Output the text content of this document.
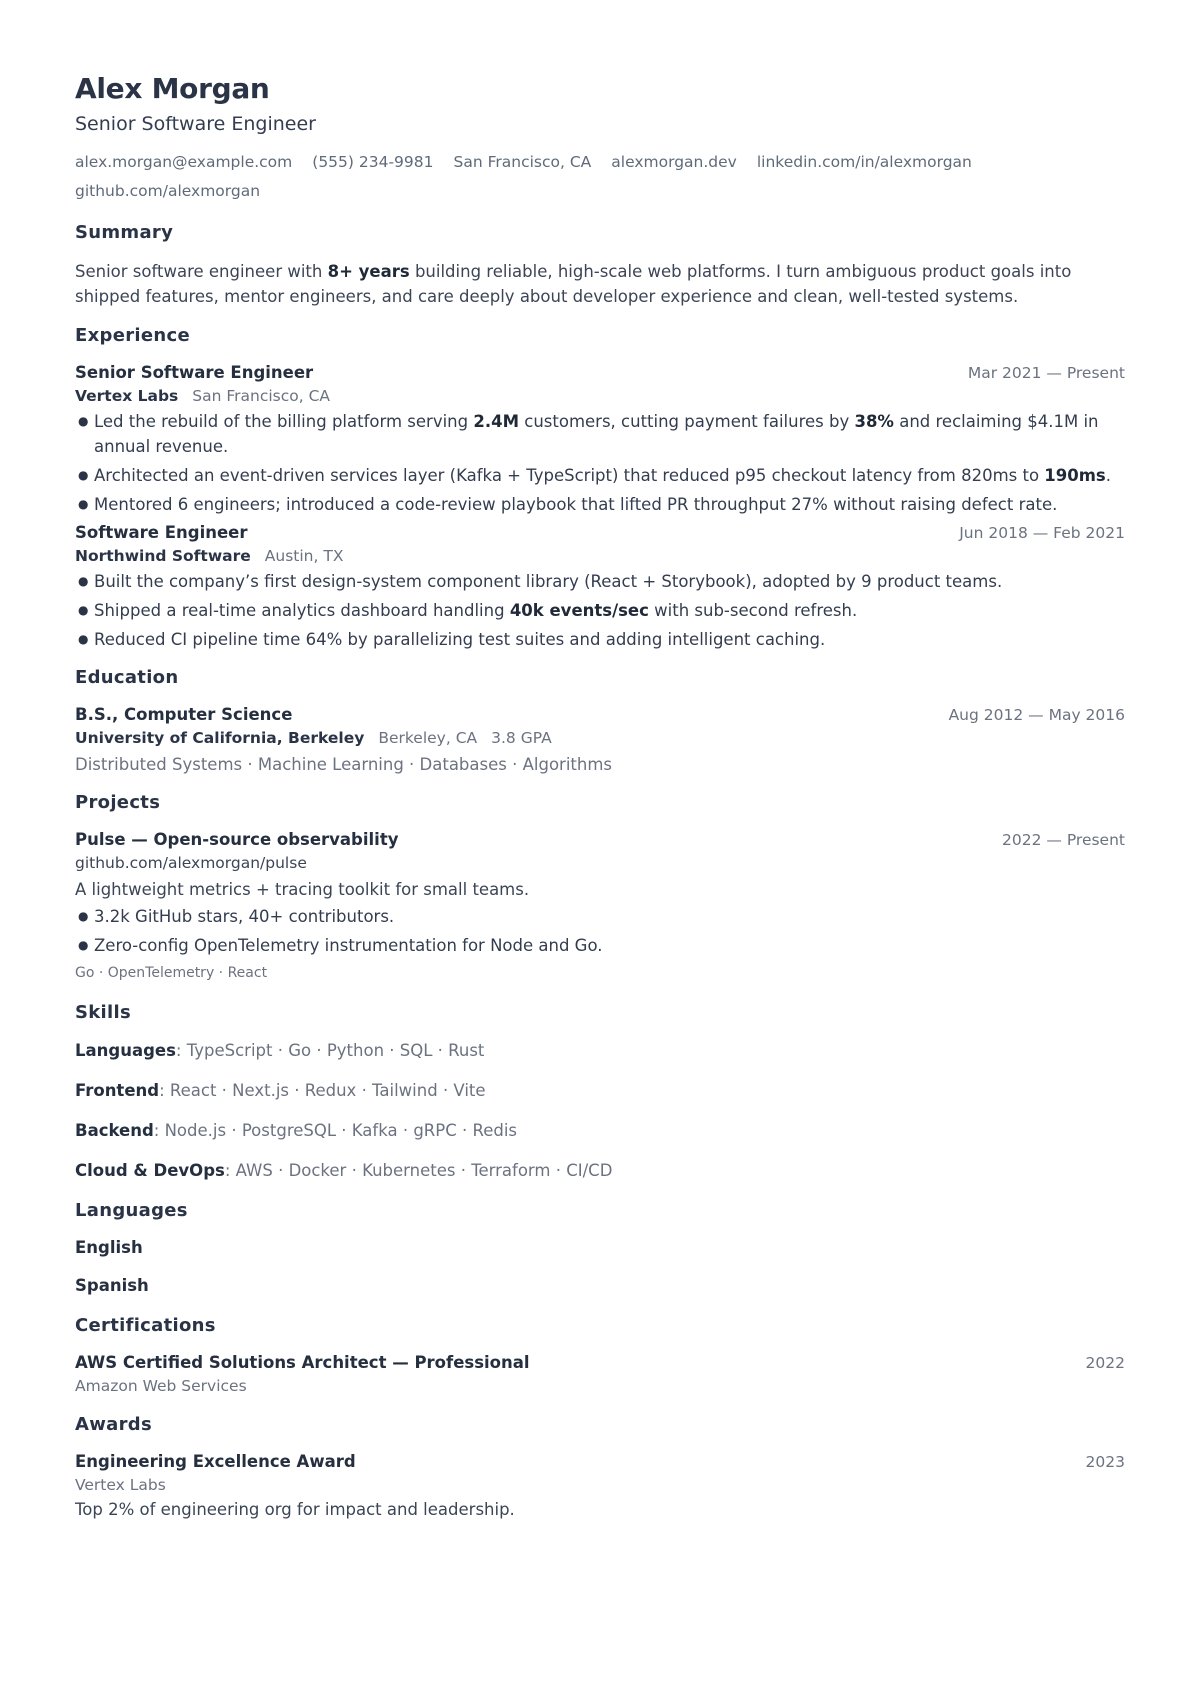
Alex Morgan
Senior Software Engineer
alex.morgan@example.com (555) 234-9981 San Francisco, CA alexmorgan.dev linkedin.com/in/alexmorgan
github.com/alexmorgan
Summary
Senior software engineer with 8+ years building reliable, high-scale web platforms. I turn ambiguous product goals into shipped features, mentor engineers, and care deeply about developer experience and clean, well-tested systems.
Experience
Senior Software Engineer	Mar 2021 — Present
Vertex Labs San Francisco, CA
● Led the rebuild of the billing platform serving 2.4M customers, cutting payment failures by 38% and reclaiming $4.1M in annual revenue.
● Architected an event-driven services layer (Kafka + TypeScript) that reduced p95 checkout latency from 820ms to 190ms.
● Mentored 6 engineers; introduced a code-review playbook that lifted PR throughput 27% without raising defect rate.
Software Engineer	Jun 2018 — Feb 2021
Northwind Software Austin, TX
● Built the company’s first design-system component library (React + Storybook), adopted by 9 product teams.
● Shipped a real-time analytics dashboard handling 40k events/sec with sub-second refresh.
● Reduced CI pipeline time 64% by parallelizing test suites and adding intelligent caching.
Education
B.S., Computer Science	Aug 2012 — May 2016
University of California, Berkeley Berkeley, CA 3.8 GPA
Distributed Systems · Machine Learning · Databases · Algorithms
Projects
Pulse — Open-source observability	2022 — Present
github.com/alexmorgan/pulse
A lightweight metrics + tracing toolkit for small teams.
● 3.2k GitHub stars, 40+ contributors.
● Zero-config OpenTelemetry instrumentation for Node and Go.
Go · OpenTelemetry · React
Skills
Languages: TypeScript · Go · Python · SQL · Rust
Frontend: React · Next.js · Redux · Tailwind · Vite
Backend: Node.js · PostgreSQL · Kafka · gRPC · Redis
Cloud & DevOps: AWS · Docker · Kubernetes · Terraform · CI/CD
Languages
English
Spanish
Certifications
AWS Certified Solutions Architect — Professional	2022
Amazon Web Services
Awards
Engineering Excellence Award	2023
Vertex Labs
Top 2% of engineering org for impact and leadership.
